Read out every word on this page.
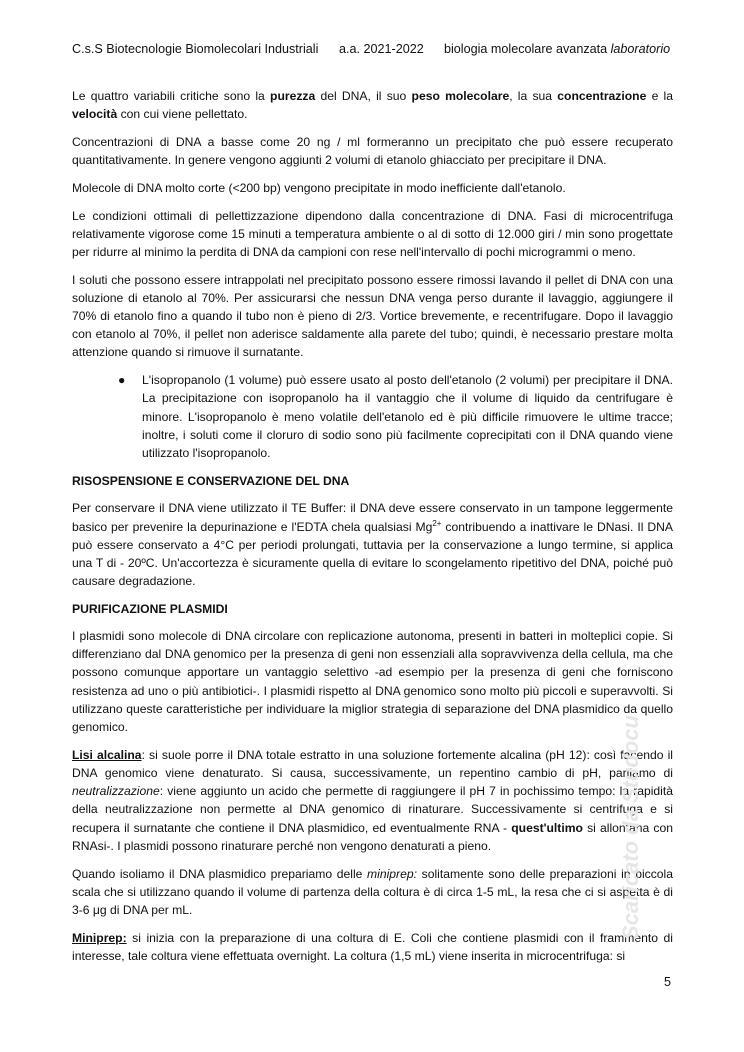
C.s.S Biotecnologie Biomolecolari Industriali a.a. 2021-2022 biologia molecolare avanzata laboratorio

Le quattro variabili critiche sono la purezza del DNA, il suo peso molecolare, la sua concentrazione e la velocità con cui viene pellettato.

Concentrazioni di DNA a basse come 20 ng / ml formeranno un precipitato che può essere recuperato quantitativamente. In genere vengono aggiunti 2 volumi di etanolo ghiacciato per precipitare il DNA.

Molecole di DNA molto corte (<200 bp) vengono precipitate in modo inefficiente dall'etanolo.

Le condizioni ottimali di pellettizzazione dipendono dalla concentrazione di DNA. Fasi di microcentrifuga relativamente vigorose come 15 minuti a temperatura ambiente o al di sotto di 12.000 giri / min sono progettate per ridurre al minimo la perdita di DNA da campioni con rese nell'intervallo di pochi microgrammi o meno.

I soluti che possono essere intrappolati nel precipitato possono essere rimossi lavando il pellet di DNA con una soluzione di etanolo al 70%. Per assicurarsi che nessun DNA venga perso durante il lavaggio, aggiungere il 70% di etanolo fino a quando il tubo non è pieno di 2/3. Vortice brevemente, e recentrifugare. Dopo il lavaggio con etanolo al 70%, il pellet non aderisce saldamente alla parete del tubo; quindi, è necessario prestare molta attenzione quando si rimuove il surnatante.

● L'isopropanolo (1 volume) può essere usato al posto dell'etanolo (2 volumi) per precipitare il DNA. La precipitazione con isopropanolo ha il vantaggio che il volume di liquido da centrifugare è minore. L'isopropanolo è meno volatile dell'etanolo ed è più difficile rimuovere le ultime tracce; inoltre, i soluti come il cloruro di sodio sono più facilmente coprecipitati con il DNA quando viene utilizzato l'isopropanolo.
RISOSPENSIONE E CONSERVAZIONE DEL DNA

Per conservare il DNA viene utilizzato il TE Buffer: il DNA deve essere conservato in un tampone leggermente basico per prevenire la depurinazione e l'EDTA chela qualsiasi $Mg^{2+}$ contribuendo a inattivare le DNasi. Il DNA può essere conservato a 4°C per periodi prolungati, tuttavia per la conservazione a lungo termine, si applica una T di - 20ºC. Un'accortezza è sicuramente quella di evitare lo scongelamento ripetitivo del DNA, poiché può causare degradazione.

PURIFICAZIONE PLASMIDI

I plasmidi sono molecole di DNA circolare con replicazione autonoma, presenti in batteri in molteplici copie. Si differenziano dal DNA genomico per la presenza di geni non essenziali alla sopravvivenza della cellula, ma che possono comunque apportare un vantaggio selettivo -ad esempio per la presenza di geni che forniscono resistenza ad uno o più antibiotici-. I plasmidi rispetto al DNA genomico sono molto più piccoli e superavvolti. Si utilizzano queste caratteristiche per individuare la miglior strategia di separazione del DNA plasmidico da quello genomico.

Lisi alcalina: si suole porre il DNA totale estratto in una soluzione fortemente alcalina (pH 12): così facendo il DNA genomico viene denaturato. Si causa, successivamente, un repentino cambio di pH, parliamo di neutralizzazione: viene aggiunto un acido che permette di raggiungere il pH 7 in pochissimo tempo: la rapidità della neutralizzazione non permette al DNA genomico di rinaturare. Successivamente si centrifuga e si recupera il surnatante che contiene il DNA plasmidico, ed eventualmente RNA - quest'ultimo si allontana con RNAsi-. I plasmidi possono rinaturare perché non vengono denaturati a pieno.

Quando isoliamo il DNA plasmidico prepariamo delle miniprep: solitamente sono delle preparazioni in piccola scala che si utilizzano quando il volume di partenza della coltura è di circa 1-5 mL, la resa che ci si aspetta è di 3-6 μg di DNA per mL.

Miniprep: si inizia con la preparazione di una coltura di E. Coli che contiene plasmidi con il frammento di interesse, tale coltura viene effettuata overnight. La coltura (1,5 mL) viene inserita in microcentrifuga: si

Scaricato da Studocu
5
